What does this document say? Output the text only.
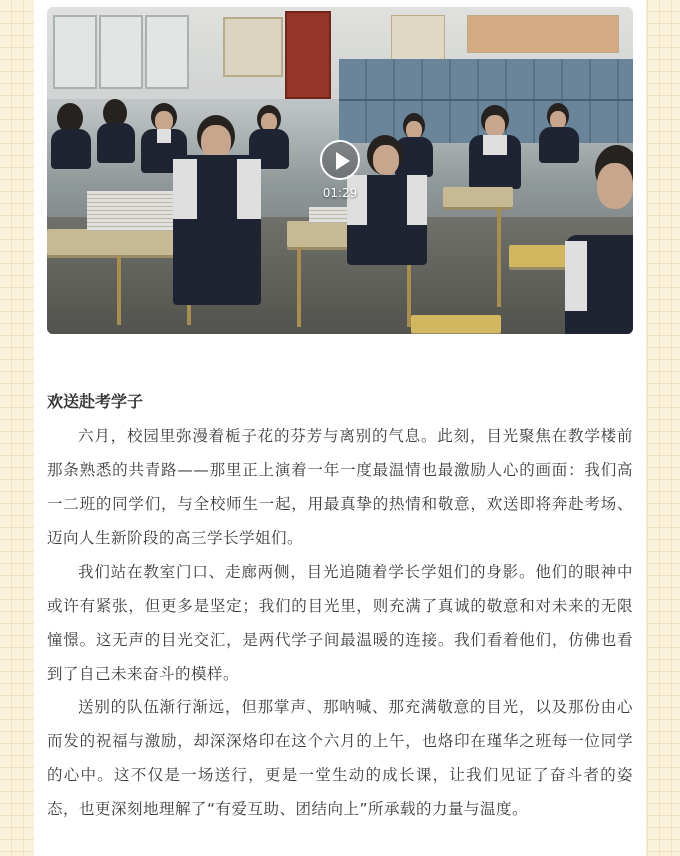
01:29
欢送赴考学子

六月，校园里弥漫着栀子花的芬芳与离别的气息。此刻，目光聚焦在教学楼前那条熟悉的共青路——那里正上演着一年一度最温情也最激励人心的画面：我们高一二班的同学们，与全校师生一起，用最真挚的热情和敬意，欢送即将奔赴考场、迈向人生新阶段的高三学长学姐们。

我们站在教室门口、走廊两侧，目光追随着学长学姐们的身影。他们的眼神中或许有紧张，但更多是坚定；我们的目光里，则充满了真诚的敬意和对未来的无限憧憬。这无声的目光交汇，是两代学子间最温暖的连接。我们看着他们，仿佛也看到了自己未来奋斗的模样。

送别的队伍渐行渐远，但那掌声、那呐喊、那充满敬意的目光，以及那份由心而发的祝福与激励，却深深烙印在这个六月的上午，也烙印在瑾华之班每一位同学的心中。这不仅是一场送行，更是一堂生动的成长课，让我们见证了奋斗者的姿态，也更深刻地理解了“有爱互助、团结向上”所承载的力量与温度。
